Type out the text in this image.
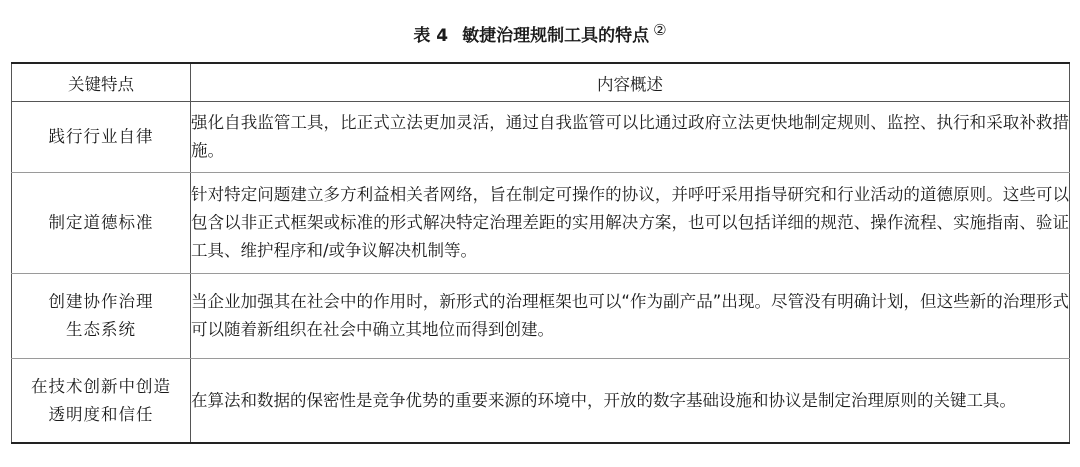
表 4 敏捷治理规制工具的特点 ②
关键特点	内容概述
践行行业自律	强化自我监管工具，比正式立法更加灵活，通过自我监管可以比通过政府立法更快地制定规则、监控、执行和采取补救措施。
制定道德标准	针对特定问题建立多方利益相关者网络，旨在制定可操作的协议，并呼吁采用指导研究和行业活动的道德原则。这些可以包含以非正式框架或标准的形式解决特定治理差距的实用解决方案，也可以包括详细的规范、操作流程、实施指南、验证工具、维护程序和/或争议解决机制等。
创建协作治理生态系统	当企业加强其在社会中的作用时，新形式的治理框架也可以“作为副产品”出现。尽管没有明确计划，但这些新的治理形式可以随着新组织在社会中确立其地位而得到创建。
在技术创新中创造透明度和信任	在算法和数据的保密性是竞争优势的重要来源的环境中，开放的数字基础设施和协议是制定治理原则的关键工具。
